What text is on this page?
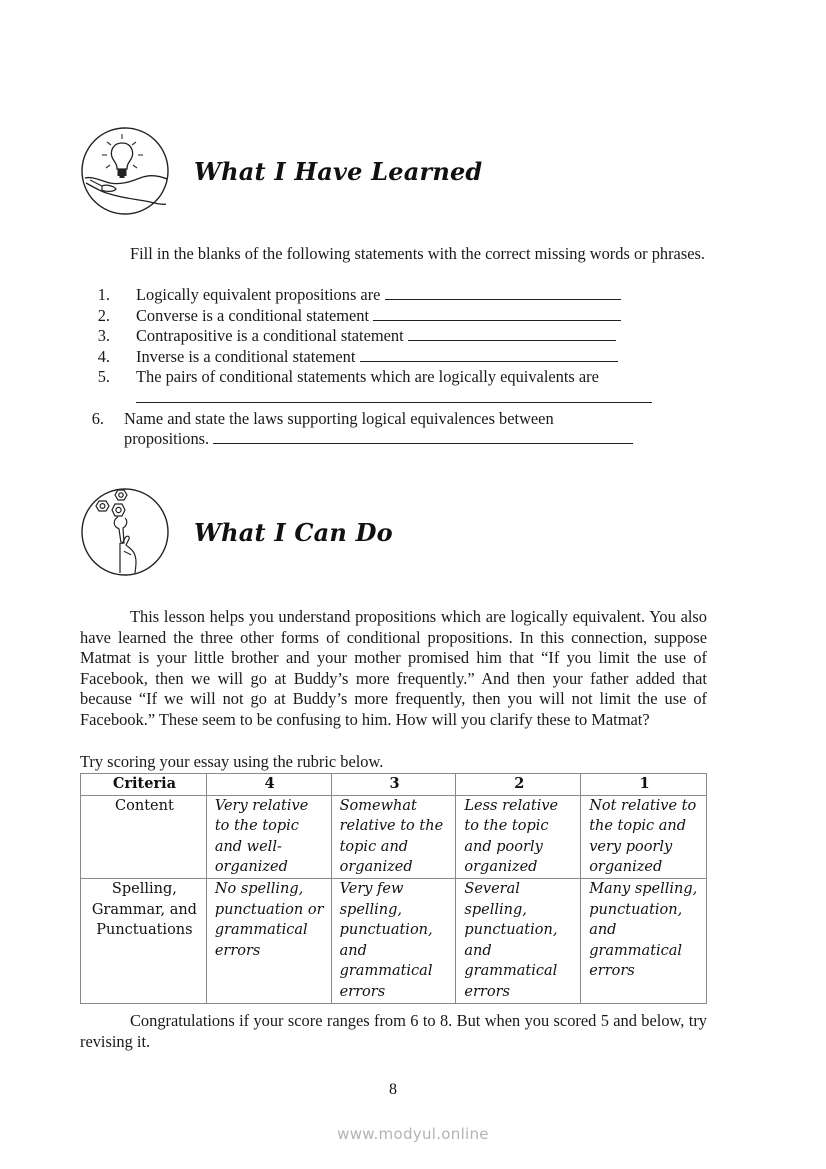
What I Have Learned
Fill in the blanks of the following statements with the correct missing words or phrases.
1. Logically equivalent propositions are
2. Converse is a conditional statement
3. Contrapositive is a conditional statement
4. Inverse is a conditional statement
5. The pairs of conditional statements which are logically equivalents are

6. Name and state the laws supporting logical equivalences between
propositions.
What I Can Do
This lesson helps you understand propositions which are logically equivalent. You also have learned the three other forms of conditional propositions. In this connection, suppose Matmat is your little brother and your mother promised him that “If you limit the use of Facebook, then we will go at Buddy’s more frequently.” And then your father added that because “If we will not go at Buddy’s more frequently, then you will not limit the use of Facebook.” These seem to be confusing to him. How will you clarify these to Matmat?
Try scoring your essay using the rubric below.
Criteria	4	3	2	1
Content	Very relative to the topic and well-organized	Somewhat relative to the topic and organized	Less relative to the topic and poorly organized	Not relative to the topic and very poorly organized
Spelling, Grammar, and Punctuations	No spelling, punctuation or grammatical errors	Very few spelling, punctuation, and grammatical errors	Several spelling, punctuation, and grammatical errors	Many spelling, punctuation, and grammatical errors
Congratulations if your score ranges from 6 to 8. But when you scored 5 and below, try revising it.
8
www.modyul.online
